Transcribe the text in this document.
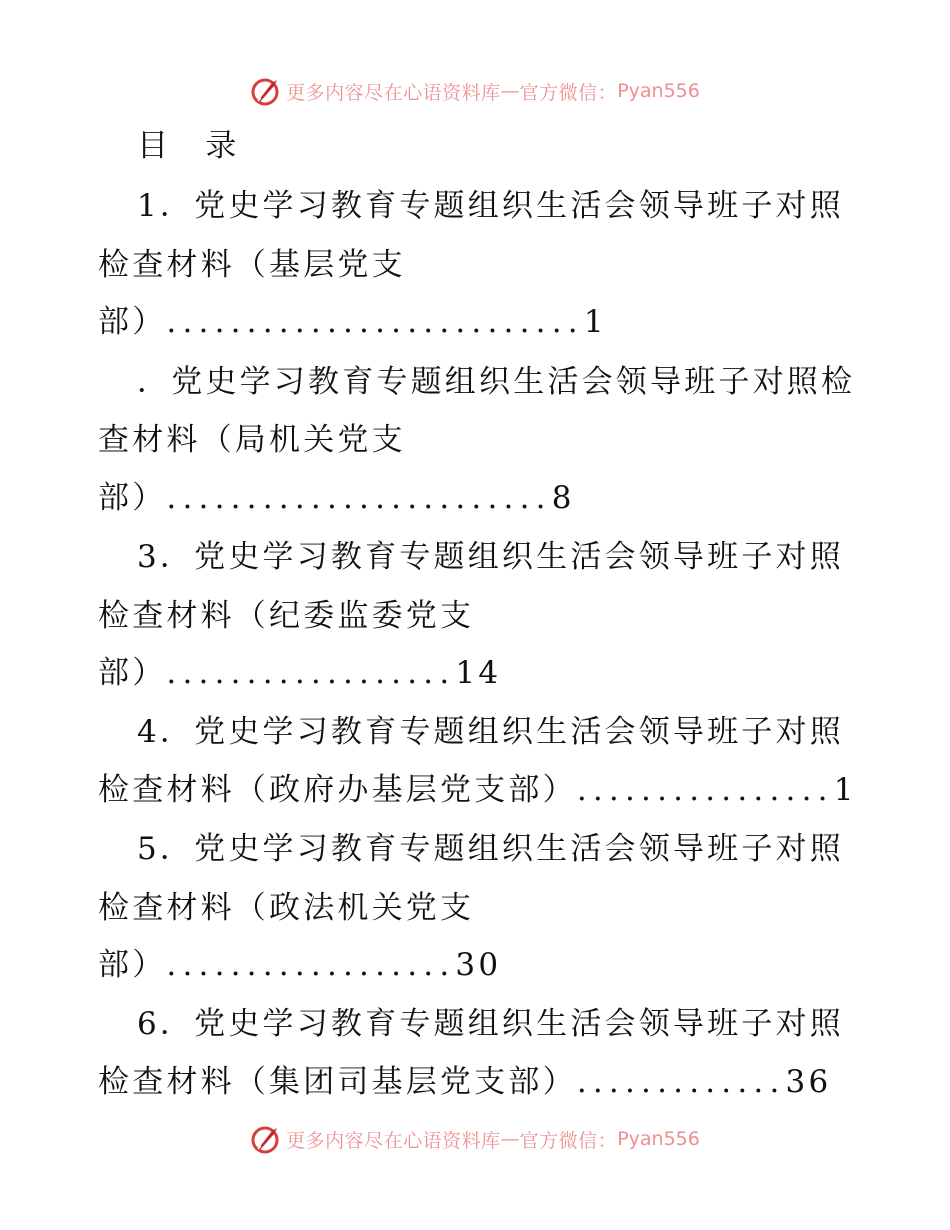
更多内容尽在心语资料库 — 官方微信： Pyan556
目　录
1．党史学习教育专题组织生活会领导班子对照
检查材料（基层党支
部）..........................1
．党史学习教育专题组织生活会领导班子对照检
查材料（局机关党支
部）........................8
3．党史学习教育专题组织生活会领导班子对照
检查材料（纪委监委党支
部）..................14
4．党史学习教育专题组织生活会领导班子对照
检查材料（政府办基层党支部）................1
5．党史学习教育专题组织生活会领导班子对照
检查材料（政法机关党支
部）..................30
6．党史学习教育专题组织生活会领导班子对照
检查材料（集团司基层党支部）.............36
更多内容尽在心语资料库 — 官方微信： Pyan556
